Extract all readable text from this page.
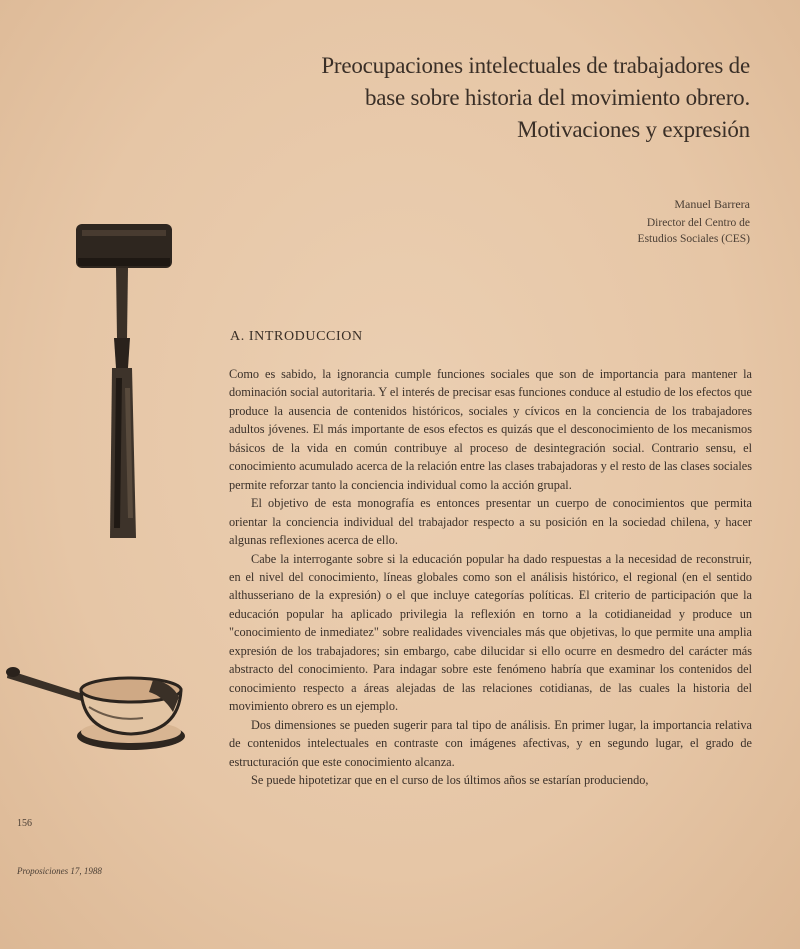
Preocupaciones intelectuales de trabajadores de
base sobre historia del movimiento obrero.
Motivaciones y expresión
Manuel Barrera
Director del Centro de
Estudios Sociales (CES)
A. INTRODUCCION

Como es sabido, la ignorancia cumple funciones sociales que son de importancia para mantener la dominación social autoritaria. Y el interés de precisar esas funciones conduce al estudio de los efectos que produce la ausencia de contenidos históricos, sociales y cívicos en la conciencia de los trabajadores adultos jóvenes. El más importante de esos efectos es quizás que el desconocimiento de los mecanismos básicos de la vida en común contribuye al proceso de desintegración social. Contrario sensu, el conocimiento acumulado acerca de la relación entre las clases trabajadoras y el resto de las clases sociales permite reforzar tanto la conciencia individual como la acción grupal.

El objetivo de esta monografía es entonces presentar un cuerpo de conocimientos que permita orientar la conciencia individual del trabajador respecto a su posición en la sociedad chilena, y hacer algunas reflexiones acerca de ello.

Cabe la interrogante sobre si la educación popular ha dado respuestas a la necesidad de reconstruir, en el nivel del conocimiento, líneas globales como son el análisis histórico, el regional (en el sentido althusseriano de la expresión) o el que incluye categorías políticas. El criterio de participación que la educación popular ha aplicado privilegia la reflexión en torno a la cotidianeidad y produce un "conocimiento de inmediatez" sobre realidades vivenciales más que objetivas, lo que permite una amplia expresión de los trabajadores; sin embargo, cabe dilucidar si ello ocurre en desmedro del carácter más abstracto del conocimiento. Para indagar sobre este fenómeno habría que examinar los contenidos del conocimiento respecto a áreas alejadas de las relaciones cotidianas, de las cuales la historia del movimiento obrero es un ejemplo.

Dos dimensiones se pueden sugerir para tal tipo de análisis. En primer lugar, la importancia relativa de contenidos intelectuales en contraste con imágenes afectivas, y en segundo lugar, el grado de estructuración que este conocimiento alcanza.

Se puede hipotetizar que en el curso de los últimos años se estarían produciendo,

156
Proposiciones 17, 1988
